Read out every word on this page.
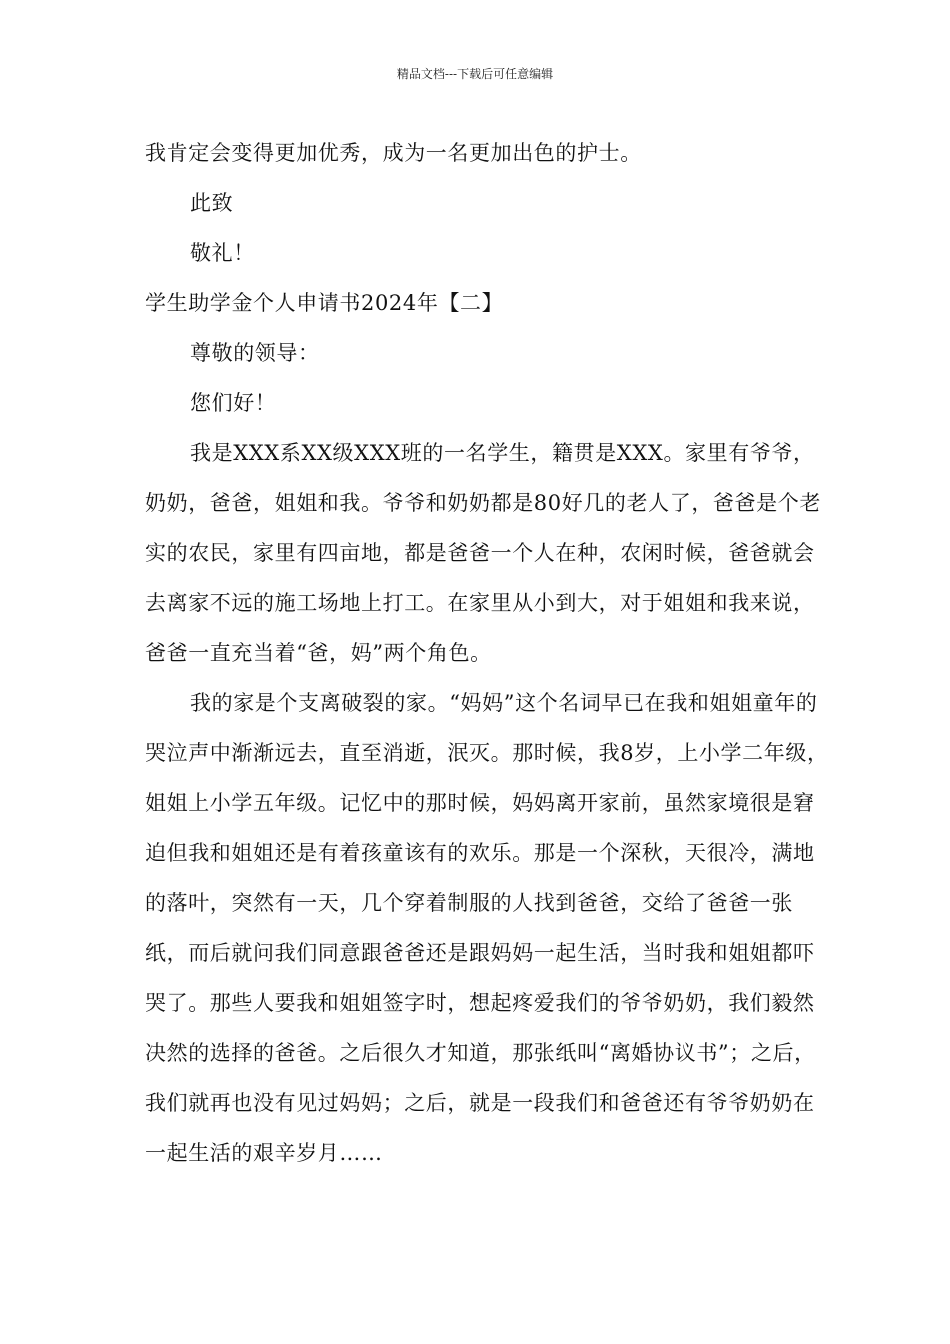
精品文档---下载后可任意编辑

我肯定会变得更加优秀，成为一名更加出色的护士。

此致

敬礼！

学生助学金个人申请书2024年【二】

尊敬的领导：

您们好！

我是XXX系XX级XXX班的一名学生，籍贯是XXX。家里有爷爷，奶奶，爸爸，姐姐和我。爷爷和奶奶都是80好几的老人了，爸爸是个老实的农民，家里有四亩地，都是爸爸一个人在种，农闲时候，爸爸就会去离家不远的施工场地上打工。在家里从小到大，对于姐姐和我来说，爸爸一直充当着“爸，妈”两个角色。

我的家是个支离破裂的家。“妈妈”这个名词早已在我和姐姐童年的哭泣声中渐渐远去，直至消逝，泯灭。那时候，我8岁，上小学二年级，姐姐上小学五年级。记忆中的那时候，妈妈离开家前，虽然家境很是窘迫但我和姐姐还是有着孩童该有的欢乐。那是一个深秋，天很冷，满地的落叶，突然有一天，几个穿着制服的人找到爸爸，交给了爸爸一张纸，而后就问我们同意跟爸爸还是跟妈妈一起生活，当时我和姐姐都吓哭了。那些人要我和姐姐签字时，想起疼爱我们的爷爷奶奶，我们毅然决然的选择的爸爸。之后很久才知道，那张纸叫“离婚协议书”；之后，我们就再也没有见过妈妈；之后，就是一段我们和爸爸还有爷爷奶奶在一起生活的艰辛岁月……
